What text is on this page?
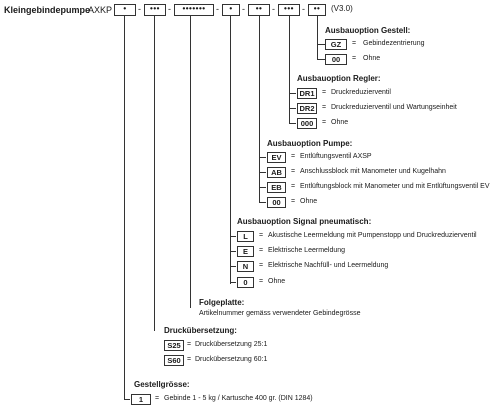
Kleingebindepumpe
AXKP	•	-	••• -	•••••••	-	•	-	••	-	••• -	••	(V3.0)
Ausbauoption Gestell:
GZ	= Gebindezentrierung
00	= Ohne
Ausbauoption Regler:
DR1	= Druckreduzierventil
DR2	= Druckreduzierventil und Wartungseinheit
000	= Ohne
Ausbauoption Pumpe:
EV	= Entlüftungsventil AXSP
AB	= Anschlussblock mit Manometer und Kugelhahn
EB	= Entlüftungsblock mit Manometer und mit Entlüftungsventil EV
00	= Ohne
Ausbauoption Signal pneumatisch:
L	= Akustische Leermeldung mit Pumpenstopp und Druckreduzierventil
E	= Elektrische Leermeldung
N	= Elektrische Nachfüll- und Leermeldung
0	= Ohne
Folgeplatte:
Artikelnummer gemäss verwendeter Gebindegrösse
Druckübersetzung:
S25 = Druckübersetzung 25:1
S60 = Druckübersetzung 60:1
Gestellgrösse:
1	= Gebinde 1 - 5 kg / Kartusche 400 gr. (DIN 1284)
